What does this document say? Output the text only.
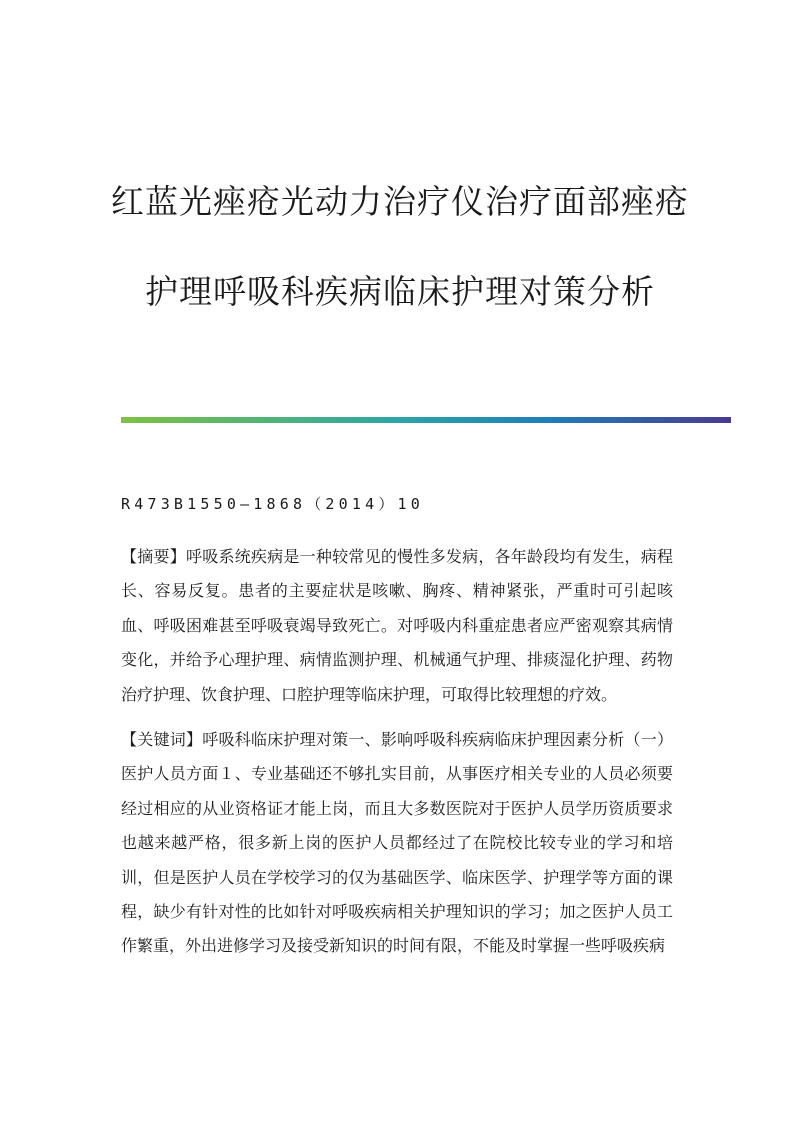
红蓝光痤疮光动力治疗仪治疗面部痤疮
护理呼吸科疾病临床护理对策分析
R473B1550—1868（2014）10

【摘要】呼吸系统疾病是一种较常见的慢性多发病，各年龄段均有发生，病程长、容易反复。患者的主要症状是咳嗽、胸疼、精神紧张，严重时可引起咳血、呼吸困难甚至呼吸衰竭导致死亡。对呼吸内科重症患者应严密观察其病情变化，并给予心理护理、病情监测护理、机械通气护理、排痰湿化护理、药物治疗护理、饮食护理、口腔护理等临床护理，可取得比较理想的疗效。

【关键词】呼吸科临床护理对策一、影响呼吸科疾病临床护理因素分析（一）医护人员方面１、专业基础还不够扎实目前，从事医疗相关专业的人员必须要经过相应的从业资格证才能上岗，而且大多数医院对于医护人员学历资质要求也越来越严格，很多新上岗的医护人员都经过了在院校比较专业的学习和培训，但是医护人员在学校学习的仅为基础医学、临床医学、护理学等方面的课程，缺少有针对性的比如针对呼吸疾病相关护理知识的学习；加之医护人员工作繁重，外出进修学习及接受新知识的时间有限，不能及时掌握一些呼吸疾病
